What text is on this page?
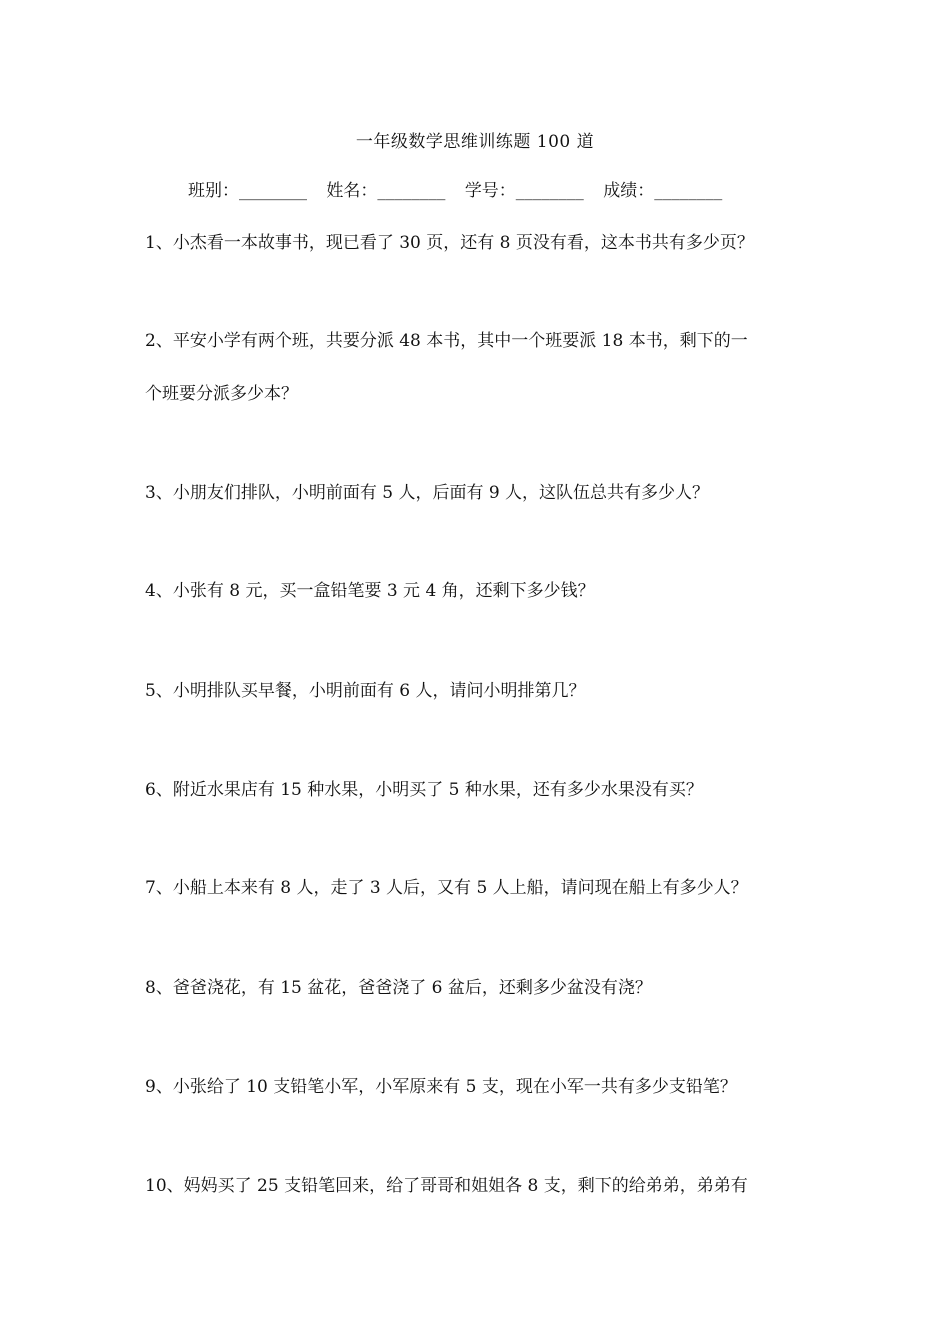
一年级数学思维训练题 100 道
班别：________ 姓名：________ 学号：________ 成绩：________
1、小杰看一本故事书，现已看了 30 页，还有 8 页没有看，这本书共有多少页？
2、平安小学有两个班，共要分派 48 本书，其中一个班要派 18 本书，剩下的一
个班要分派多少本？
3、小朋友们排队，小明前面有 5 人，后面有 9 人，这队伍总共有多少人？
4、小张有 8 元，买一盒铅笔要 3 元 4 角，还剩下多少钱？
5、小明排队买早餐，小明前面有 6 人，请问小明排第几？
6、附近水果店有 15 种水果，小明买了 5 种水果，还有多少水果没有买？
7、小船上本来有 8 人，走了 3 人后，又有 5 人上船，请问现在船上有多少人？
8、爸爸浇花，有 15 盆花，爸爸浇了 6 盆后，还剩多少盆没有浇？
9、小张给了 10 支铅笔小军，小军原来有 5 支，现在小军一共有多少支铅笔？
10、妈妈买了 25 支铅笔回来，给了哥哥和姐姐各 8 支，剩下的给弟弟，弟弟有
